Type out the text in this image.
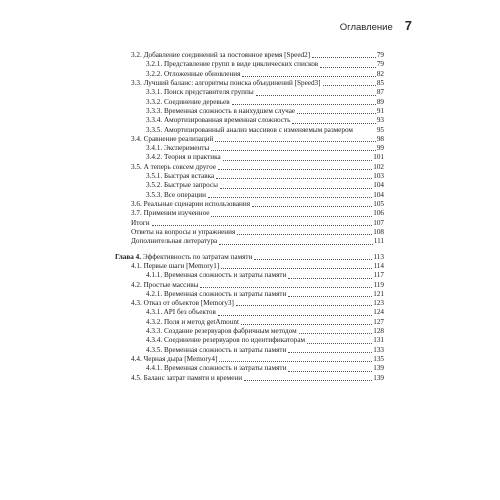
Оглавление 7
3.2. Добавление соединений за постоянное время [Speed2]	79
3.2.1. Представление групп в виде циклических списков	79
3.2.2. Отложенные обновления	82
3.3. Лучший баланс: алгоритмы поиска объединений [Speed3]	85
3.3.1. Поиск представителя группы	87
3.3.2. Соединение деревьев	89
3.3.3. Временная сложность в наихудшем случае	91
3.3.4. Амортизированная временная сложность	93
3.3.5. Амортизированный анализ массивов с изменяемым размером	95
3.4. Сравнение реализаций	98
3.4.1. Эксперименты	99
3.4.2. Теория и практика	101
3.5. А теперь совсем другое	102
3.5.1. Быстрая вставка	103
3.5.2. Быстрые запросы	104
3.5.3. Все операции	104
3.6. Реальные сценарии использования	105
3.7. Применим изученное	106
Итоги	107
Ответы на вопросы и упражнения	108
Дополнительная литература	111
Глава 4. Эффективность по затратам памяти	113
4.1. Первые шаги [Memory1]	114
4.1.1. Временная сложность и затраты памяти	117
4.2. Простые массивы	119
4.2.1. Временная сложность и затраты памяти	121
4.3. Отказ от объектов [Memory3]	123
4.3.1. API без объектов	124
4.3.2. Поля и метод getAmount	127
4.3.3. Создание резервуаров фабричным методом	128
4.3.4. Соединение резервуаров по идентификаторам	131
4.3.5. Временная сложность и затраты памяти	133
4.4. Черная дыра [Memory4]	135
4.4.1. Временная сложность и затраты памяти	139
4.5. Баланс затрат памяти и времени	139
